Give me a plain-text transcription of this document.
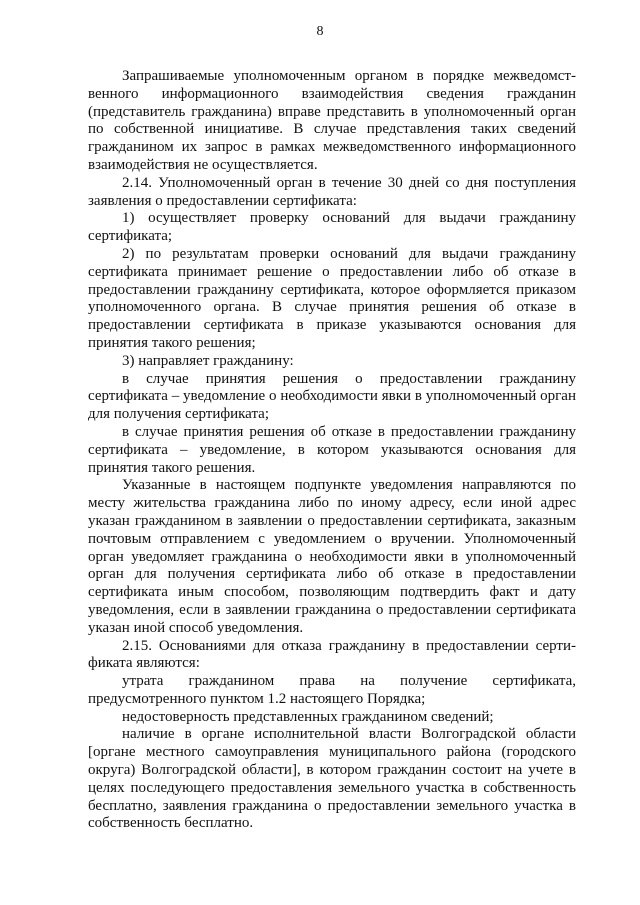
8

Запрашиваемые уполномоченным органом в порядке межведомст-венного информационного взаимодействия сведения гражданин (представитель гражданина) вправе представить в уполномоченный орган по собственной инициативе. В случае представления таких сведений гражданином их запрос в рамках межведомственного информационного взаимодействия не осуществляется.

2.14. Уполномоченный орган в течение 30 дней со дня поступления заявления о предоставлении сертификата:

1) осуществляет проверку оснований для выдачи гражданину сертификата;

2) по результатам проверки оснований для выдачи гражданину сертификата принимает решение о предоставлении либо об отказе в предоставлении гражданину сертификата, которое оформляется приказом уполномоченного органа. В случае принятия решения об отказе в предоставлении сертификата в приказе указываются основания для принятия такого решения;

3) направляет гражданину:

в случае принятия решения о предоставлении гражданину сертификата – уведомление о необходимости явки в уполномоченный орган для получения сертификата;

в случае принятия решения об отказе в предоставлении гражданину сертификата – уведомление, в котором указываются основания для принятия такого решения.

Указанные в настоящем подпункте уведомления направляются по месту жительства гражданина либо по иному адресу, если иной адрес указан гражданином в заявлении о предоставлении сертификата, заказным почтовым отправлением с уведомлением о вручении. Уполномоченный орган уведомляет гражданина о необходимости явки в уполномоченный орган для получения сертификата либо об отказе в предоставлении сертификата иным способом, позволяющим подтвердить факт и дату уведомления, если в заявлении гражданина о предоставлении сертификата указан иной способ уведомления.

2.15. Основаниями для отказа гражданину в предоставлении серти-фиката являются:

утрата гражданином права на получение сертификата, предусмотренного пунктом 1.2 настоящего Порядка;

недостоверность представленных гражданином сведений;

наличие в органе исполнительной власти Волгоградской области [органе местного самоуправления муниципального района (городского округа) Волгоградской области], в котором гражданин состоит на учете в целях последующего предоставления земельного участка в собственность бесплатно, заявления гражданина о предоставлении земельного участка в собственность бесплатно.
